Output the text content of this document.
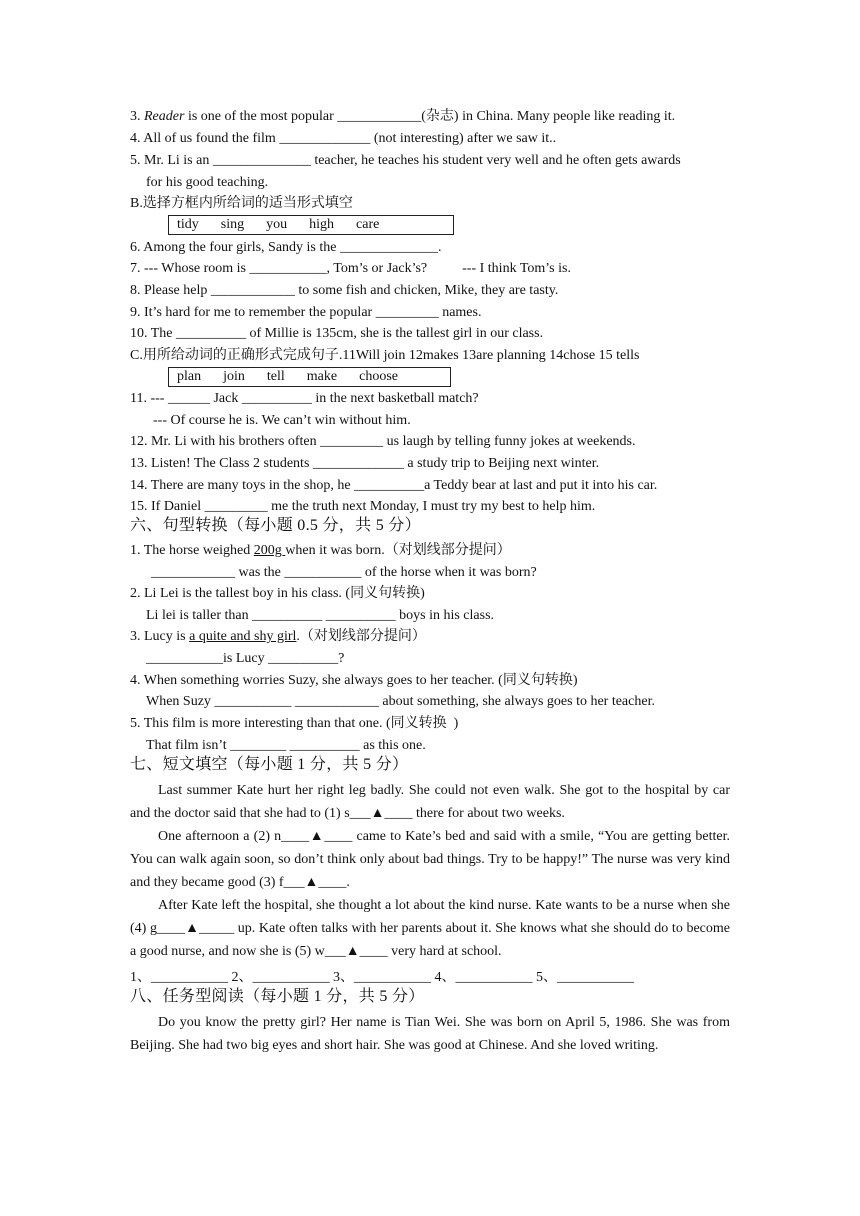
3. Reader is one of the most popular ____________(杂志) in China. Many people like reading it.
4. All of us found the film _____________ (not interesting) after we saw it..
5. Mr. Li is an ______________ teacher, he teaches his student very well and he often gets awards
for his good teaching.
B.选择方框内所给词的适当形式填空
tidy	sing	you	high	care
6. Among the four girls, Sandy is the ______________.
7. --- Whose room is ___________, Tom’s or Jack’s?          --- I think Tom’s is.
8. Please help ____________ to some fish and chicken, Mike, they are tasty.
9. It’s hard for me to remember the popular _________ names.
10. The __________ of Millie is 135cm, she is the tallest girl in our class.
C.用所给动词的正确形式完成句子.11Will join 12makes 13are planning 14chose 15 tells
plan	join	tell	make	choose
11. --- ______ Jack __________ in the next basketball match?
--- Of course he is. We can’t win without him.
12. Mr. Li with his brothers often _________ us laugh by telling funny jokes at weekends.
13. Listen! The Class 2 students _____________ a study trip to Beijing next winter.
14. There are many toys in the shop, he __________a Teddy bear at last and put it into his car.
15. If Daniel _________ me the truth next Monday, I must try my best to help him.
六、句型转换（每小题 0.5 分，共 5 分）
1. The horse weighed 200g when it was born.（对划线部分提问）
____________ was the ___________ of the horse when it was born?
2. Li Lei is the tallest boy in his class. (同义句转换)
Li lei is taller than __________ __________ boys in his class.
3. Lucy is a quite and shy girl.（对划线部分提问）
___________is Lucy __________?
4. When something worries Suzy, she always goes to her teacher. (同义句转换)
When Suzy ___________ ____________ about something, she always goes to her teacher.
5. This film is more interesting than that one. (同义转换  )
That film isn’t ________ __________ as this one.
七、短文填空（每小题 1 分，共 5 分）
Last summer Kate hurt her right leg badly. She could not even walk. She got to the hospital by car and the doctor said that she had to (1) s___▲____ there for about two weeks.
One afternoon a (2) n____▲____ came to Kate’s bed and said with a smile, “You are getting better. You can walk again soon, so don’t think only about bad things. Try to be happy!” The nurse was very kind and they became good (3) f___▲____.
After Kate left the hospital, she thought a lot about the kind nurse. Kate wants to be a nurse when she (4) g____▲_____ up. Kate often talks with her parents about it. She knows what she should do to become a good nurse, and now she is (5) w___▲____ very hard at school.
1、___________ 2、___________ 3、___________ 4、___________ 5、___________
八、任务型阅读（每小题 1 分，共 5 分）
Do you know the pretty girl? Her name is Tian Wei. She was born on April 5, 1986. She was from Beijing. She had two big eyes and short hair. She was good at Chinese. And she loved writing.
